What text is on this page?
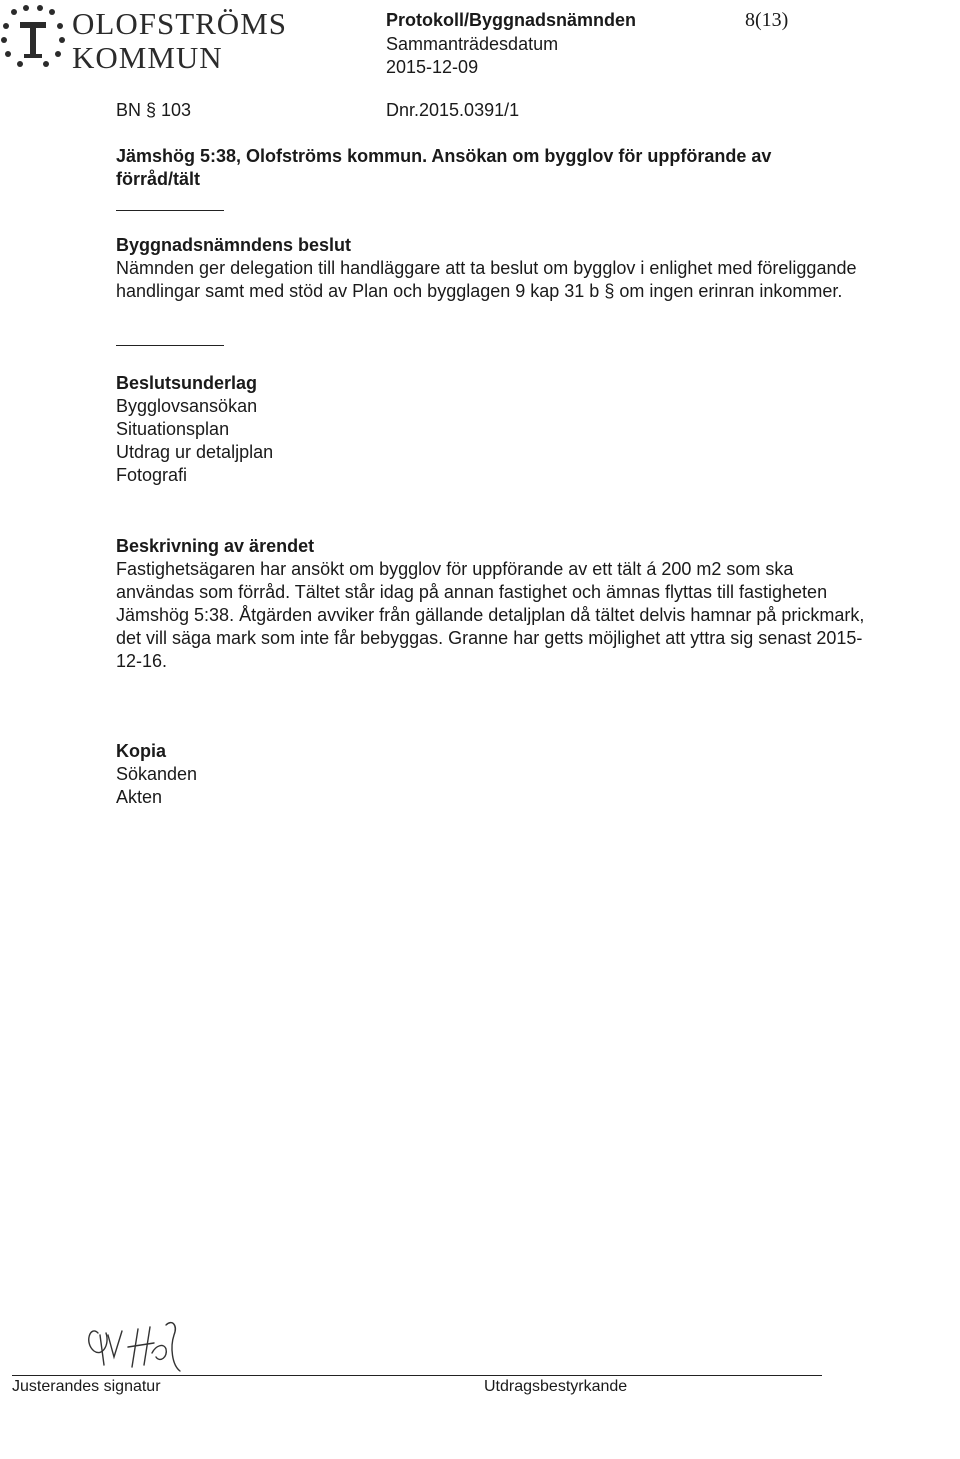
OLOFSTRÖMS
KOMMUN
Protokoll/Byggnadsnämnden	8(13)
Sammanträdesdatum
2015-12-09
BN § 103	Dnr.2015.0391/1
Jämshög 5:38, Olofströms kommun. Ansökan om bygglov för uppförande av förråd/tält
Byggnadsnämndens beslut
Nämnden ger delegation till handläggare att ta beslut om bygglov i enlighet med föreliggande handlingar samt med stöd av Plan och bygglagen 9 kap 31 b § om ingen erinran inkommer.
Beslutsunderlag
Bygglovsansökan
Situationsplan
Utdrag ur detaljplan
Fotografi
Beskrivning av ärendet
Fastighetsägaren har ansökt om bygglov för uppförande av ett tält á 200 m2 som ska användas som förråd. Tältet står idag på annan fastighet och ämnas flyttas till fastigheten Jämshög 5:38. Åtgärden avviker från gällande detaljplan då tältet delvis hamnar på prickmark, det vill säga mark som inte får bebyggas. Granne har getts möjlighet att yttra sig senast 2015-12-16.
Kopia
Sökanden
Akten
Justerandes signatur	Utdragsbestyrkande
